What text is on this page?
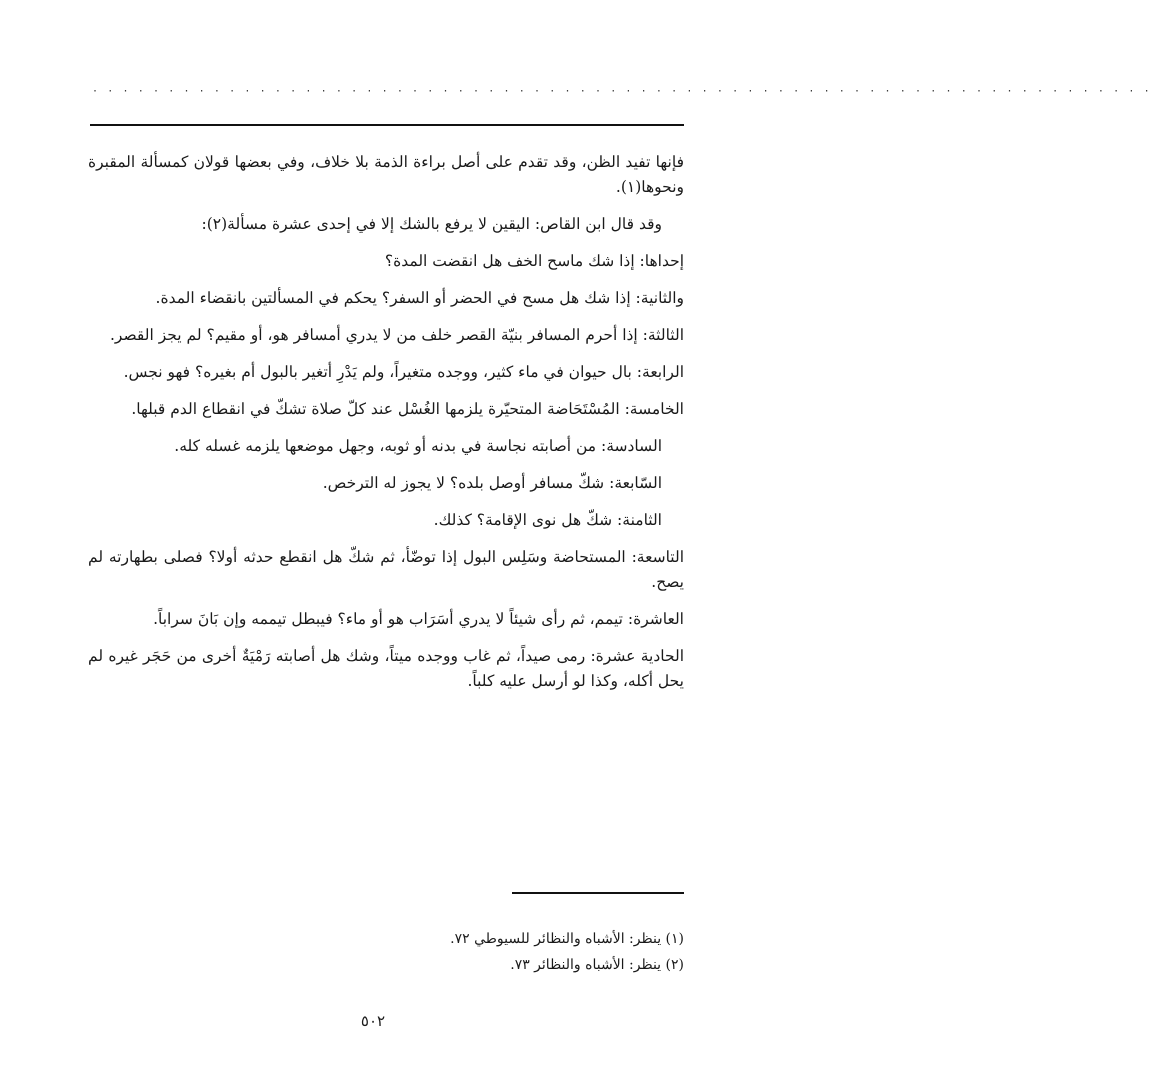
· · · · · · · · · · · · · · · · · · · · · · · · · · · · · · · · · · · · · · · · · · · · · · · · · · · · · · · · · · · · · · · · · · · · · ·

فإنها تفيد الظن، وقد تقدم على أصل براءة الذمة بلا خلاف، وفي بعضها قولان كمسألة المقبرة ونحوها(١).

وقد قال ابن القاص: اليقين لا يرفع بالشك إلا في إحدى عشرة مسألة(٢):

إحداها: إذا شك ماسح الخف هل انقضت المدة؟

والثانية: إذا شك هل مسح في الحضر أو السفر؟ يحكم في المسألتين بانقضاء المدة.

الثالثة: إذا أحرم المسافر بنيّة القصر خلف من لا يدري أمسافر هو، أو مقيم؟ لم يجز القصر.

الرابعة: بال حيوان في ماء كثير، ووجده متغيراً، ولم يَدْرِ أتغير بالبول أم بغيره؟ فهو نجس.

الخامسة: المُسْتَحَاضة المتحيّرة يلزمها الغُسْل عند كلّ صلاة تشكّ في انقطاع الدم قبلها.

السادسة: من أصابته نجاسة في بدنه أو ثوبه، وجهل موضعها يلزمه غسله كله.

السّابعة: شكّ مسافر أوصل بلده؟ لا يجوز له الترخص.

الثامنة: شكّ هل نوى الإقامة؟ كذلك.

التاسعة: المستحاضة وسَلِس البول إذا توضّأ، ثم شكّ هل انقطع حدثه أولا؟ فصلى بطهارته لم يصح.

العاشرة: تيمم، ثم رأى شيئاً لا يدري أسَرَاب هو أو ماء؟ فيبطل تيممه وإن بَانَ سراباً.

الحادية عشرة: رمى صيداً، ثم غاب ووجده ميتاً، وشك هل أصابته رَمْيَةٌ أخرى من حَجَر غيره لم يحل أكله، وكذا لو أرسل عليه كلباً.

(١) ينظر: الأشباه والنظائر للسيوطي ٧٢.
(٢) ينظر: الأشباه والنظائر ٧٣.
٥٠٢
